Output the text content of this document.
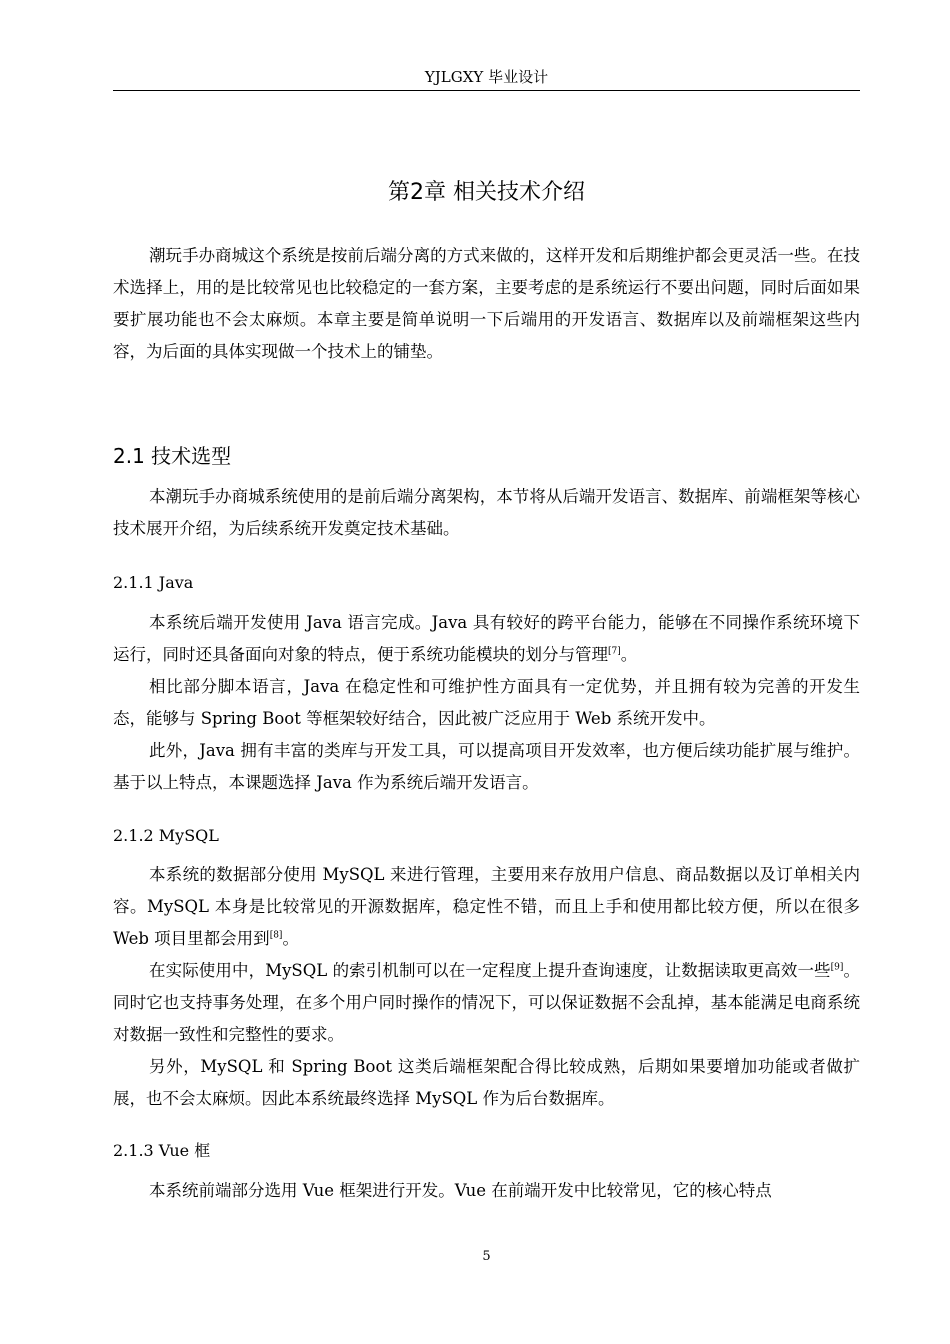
YJLGXY 毕业设计
第2章 相关技术介绍

潮玩手办商城这个系统是按前后端分离的方式来做的，这样开发和后期维护都会更灵活一些。在技术选择上，用的是比较常见也比较稳定的一套方案，主要考虑的是系统运行不要出问题，同时后面如果要扩展功能也不会太麻烦。本章主要是简单说明一下后端用的开发语言、数据库以及前端框架这些内容，为后面的具体实现做一个技术上的铺垫。

2.1 技术选型

本潮玩手办商城系统使用的是前后端分离架构，本节将从后端开发语言、数据库、前端框架等核心技术展开介绍，为后续系统开发奠定技术基础。

2.1.1 Java

本系统后端开发使用 Java 语言完成。Java 具有较好的跨平台能力，能够在不同操作系统环境下运行，同时还具备面向对象的特点，便于系统功能模块的划分与管理[7]。

相比部分脚本语言，Java 在稳定性和可维护性方面具有一定优势，并且拥有较为完善的开发生态，能够与 Spring Boot 等框架较好结合，因此被广泛应用于 Web 系统开发中。

此外，Java 拥有丰富的类库与开发工具，可以提高项目开发效率，也方便后续功能扩展与维护。基于以上特点，本课题选择 Java 作为系统后端开发语言。

2.1.2 MySQL

本系统的数据部分使用 MySQL 来进行管理，主要用来存放用户信息、商品数据以及订单相关内容。MySQL 本身是比较常见的开源数据库，稳定性不错，而且上手和使用都比较方便，所以在很多 Web 项目里都会用到[8]。

在实际使用中，MySQL 的索引机制可以在一定程度上提升查询速度，让数据读取更高效一些[9]。同时它也支持事务处理，在多个用户同时操作的情况下，可以保证数据不会乱掉，基本能满足电商系统对数据一致性和完整性的要求。

另外，MySQL 和 Spring Boot 这类后端框架配合得比较成熟，后期如果要增加功能或者做扩展，也不会太麻烦。因此本系统最终选择 MySQL 作为后台数据库。

2.1.3 Vue 框

本系统前端部分选用 Vue 框架进行开发。Vue 在前端开发中比较常见，它的核心特点

5
